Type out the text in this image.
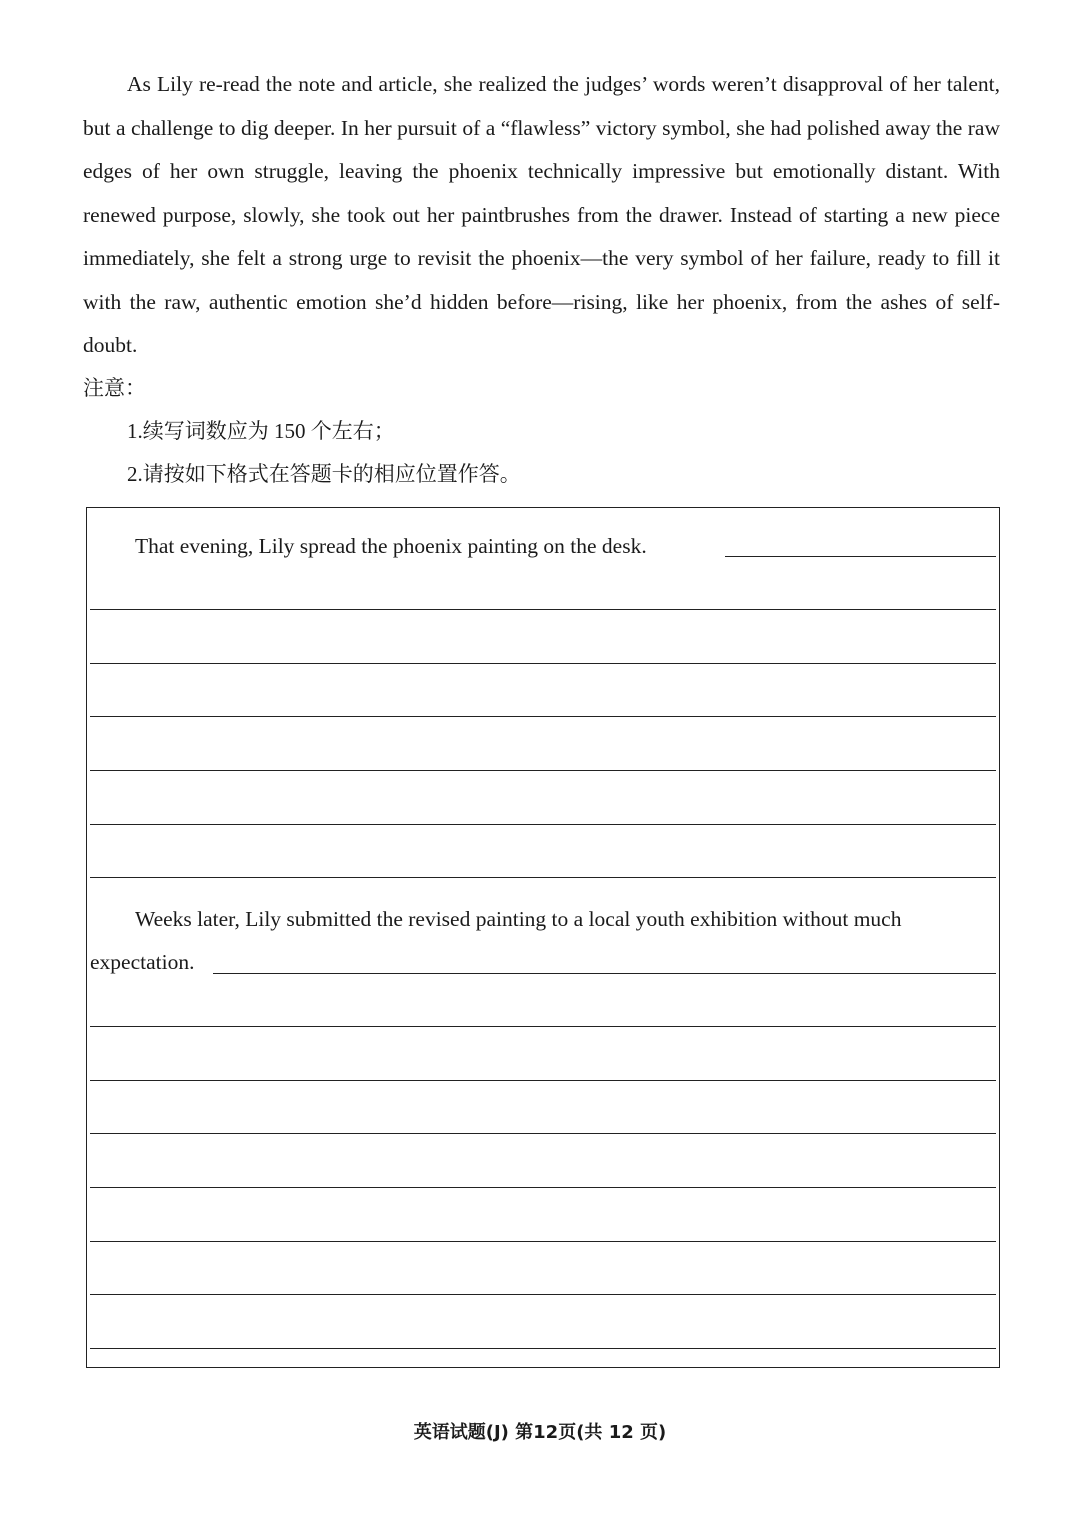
As Lily re-read the note and article, she realized the judges’ words weren’t disapproval of her talent, but a challenge to dig deeper. In her pursuit of a “flawless” victory symbol, she had polished away the raw edges of her own struggle, leaving the phoenix technically impressive but emotionally distant. With renewed purpose, slowly, she took out her paintbrushes from the drawer. Instead of starting a new piece immediately, she felt a strong urge to revisit the phoenix—the very symbol of her failure, ready to fill it with the raw, authentic emotion she’d hidden before—rising, like her phoenix, from the ashes of self-doubt.

注意：

1.续写词数应为 150 个左右；

2.请按如下格式在答题卡的相应位置作答。

That evening, Lily spread the phoenix painting on the desk.
Weeks later, Lily submitted the revised painting to a local youth exhibition without much
expectation.
英语试题(J) 第12页(共 12 页)
